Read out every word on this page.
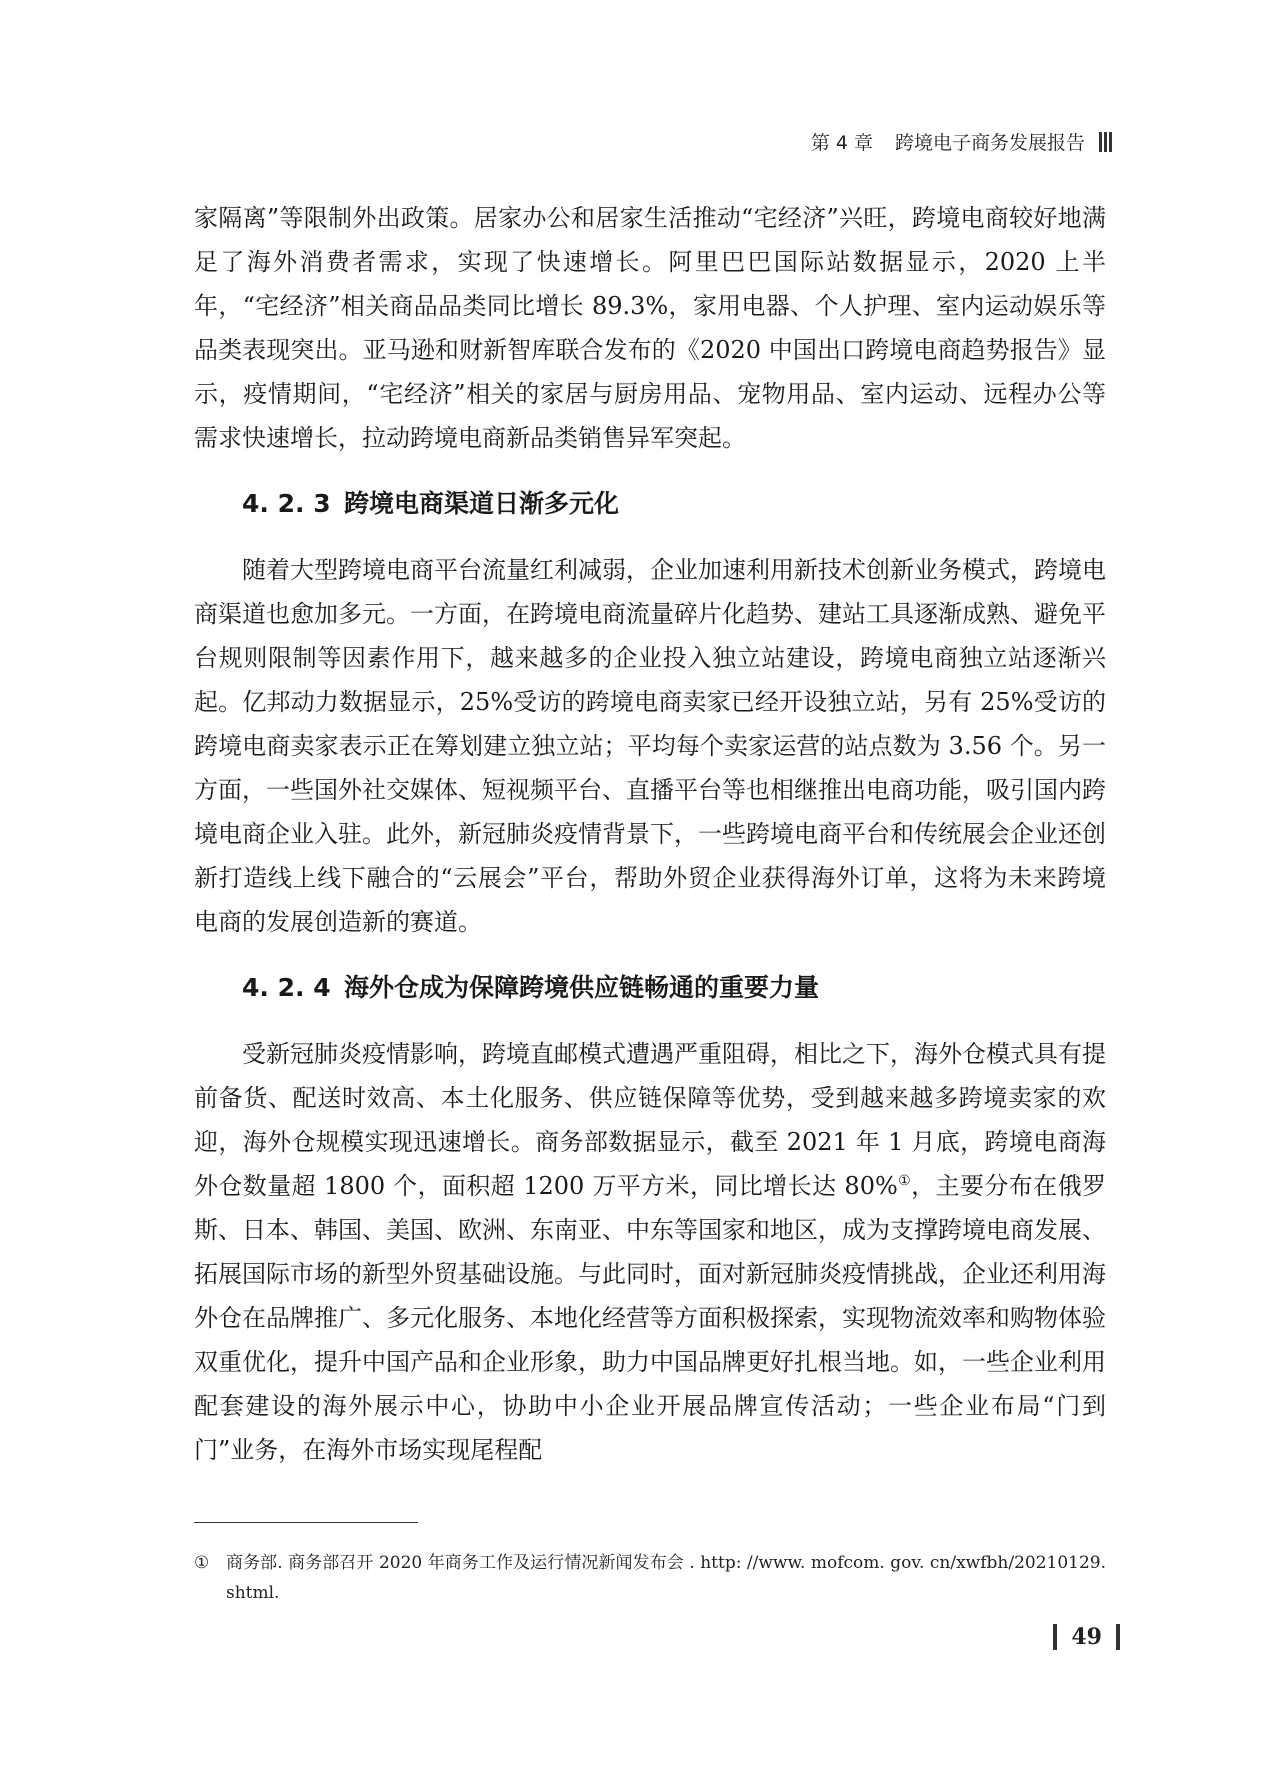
第 4 章 跨境电子商务发展报告

家隔离”等限制外出政策。居家办公和居家生活推动“宅经济”兴旺，跨境电商较好地满足了海外消费者需求，实现了快速增长。阿里巴巴国际站数据显示，2020 上半年，“宅经济”相关商品品类同比增长 89.3%，家用电器、个人护理、室内运动娱乐等品类表现突出。亚马逊和财新智库联合发布的《2020 中国出口跨境电商趋势报告》显示，疫情期间，“宅经济”相关的家居与厨房用品、宠物用品、室内运动、远程办公等需求快速增长，拉动跨境电商新品类销售异军突起。

4. 2. 3 跨境电商渠道日渐多元化

随着大型跨境电商平台流量红利减弱，企业加速利用新技术创新业务模式，跨境电商渠道也愈加多元。一方面，在跨境电商流量碎片化趋势、建站工具逐渐成熟、避免平台规则限制等因素作用下，越来越多的企业投入独立站建设，跨境电商独立站逐渐兴起。亿邦动力数据显示，25%受访的跨境电商卖家已经开设独立站，另有 25%受访的跨境电商卖家表示正在筹划建立独立站；平均每个卖家运营的站点数为 3.56 个。另一方面，一些国外社交媒体、短视频平台、直播平台等也相继推出电商功能，吸引国内跨境电商企业入驻。此外，新冠肺炎疫情背景下，一些跨境电商平台和传统展会企业还创新打造线上线下融合的“云展会”平台，帮助外贸企业获得海外订单，这将为未来跨境电商的发展创造新的赛道。

4. 2. 4 海外仓成为保障跨境供应链畅通的重要力量

受新冠肺炎疫情影响，跨境直邮模式遭遇严重阻碍，相比之下，海外仓模式具有提前备货、配送时效高、本土化服务、供应链保障等优势，受到越来越多跨境卖家的欢迎，海外仓规模实现迅速增长。商务部数据显示，截至 2021 年 1 月底，跨境电商海外仓数量超 1800 个，面积超 1200 万平方米，同比增长达 80%①，主要分布在俄罗斯、日本、韩国、美国、欧洲、东南亚、中东等国家和地区，成为支撑跨境电商发展、拓展国际市场的新型外贸基础设施。与此同时，面对新冠肺炎疫情挑战，企业还利用海外仓在品牌推广、多元化服务、本地化经营等方面积极探索，实现物流效率和购物体验双重优化，提升中国产品和企业形象，助力中国品牌更好扎根当地。如，一些企业利用配套建设的海外展示中心，协助中小企业开展品牌宣传活动；一些企业布局“门到门”业务，在海外市场实现尾程配

① 商务部. 商务部召开 2020 年商务工作及运行情况新闻发布会 . http: //www. mofcom. gov. cn/xwfbh/20210129. shtml.
49
